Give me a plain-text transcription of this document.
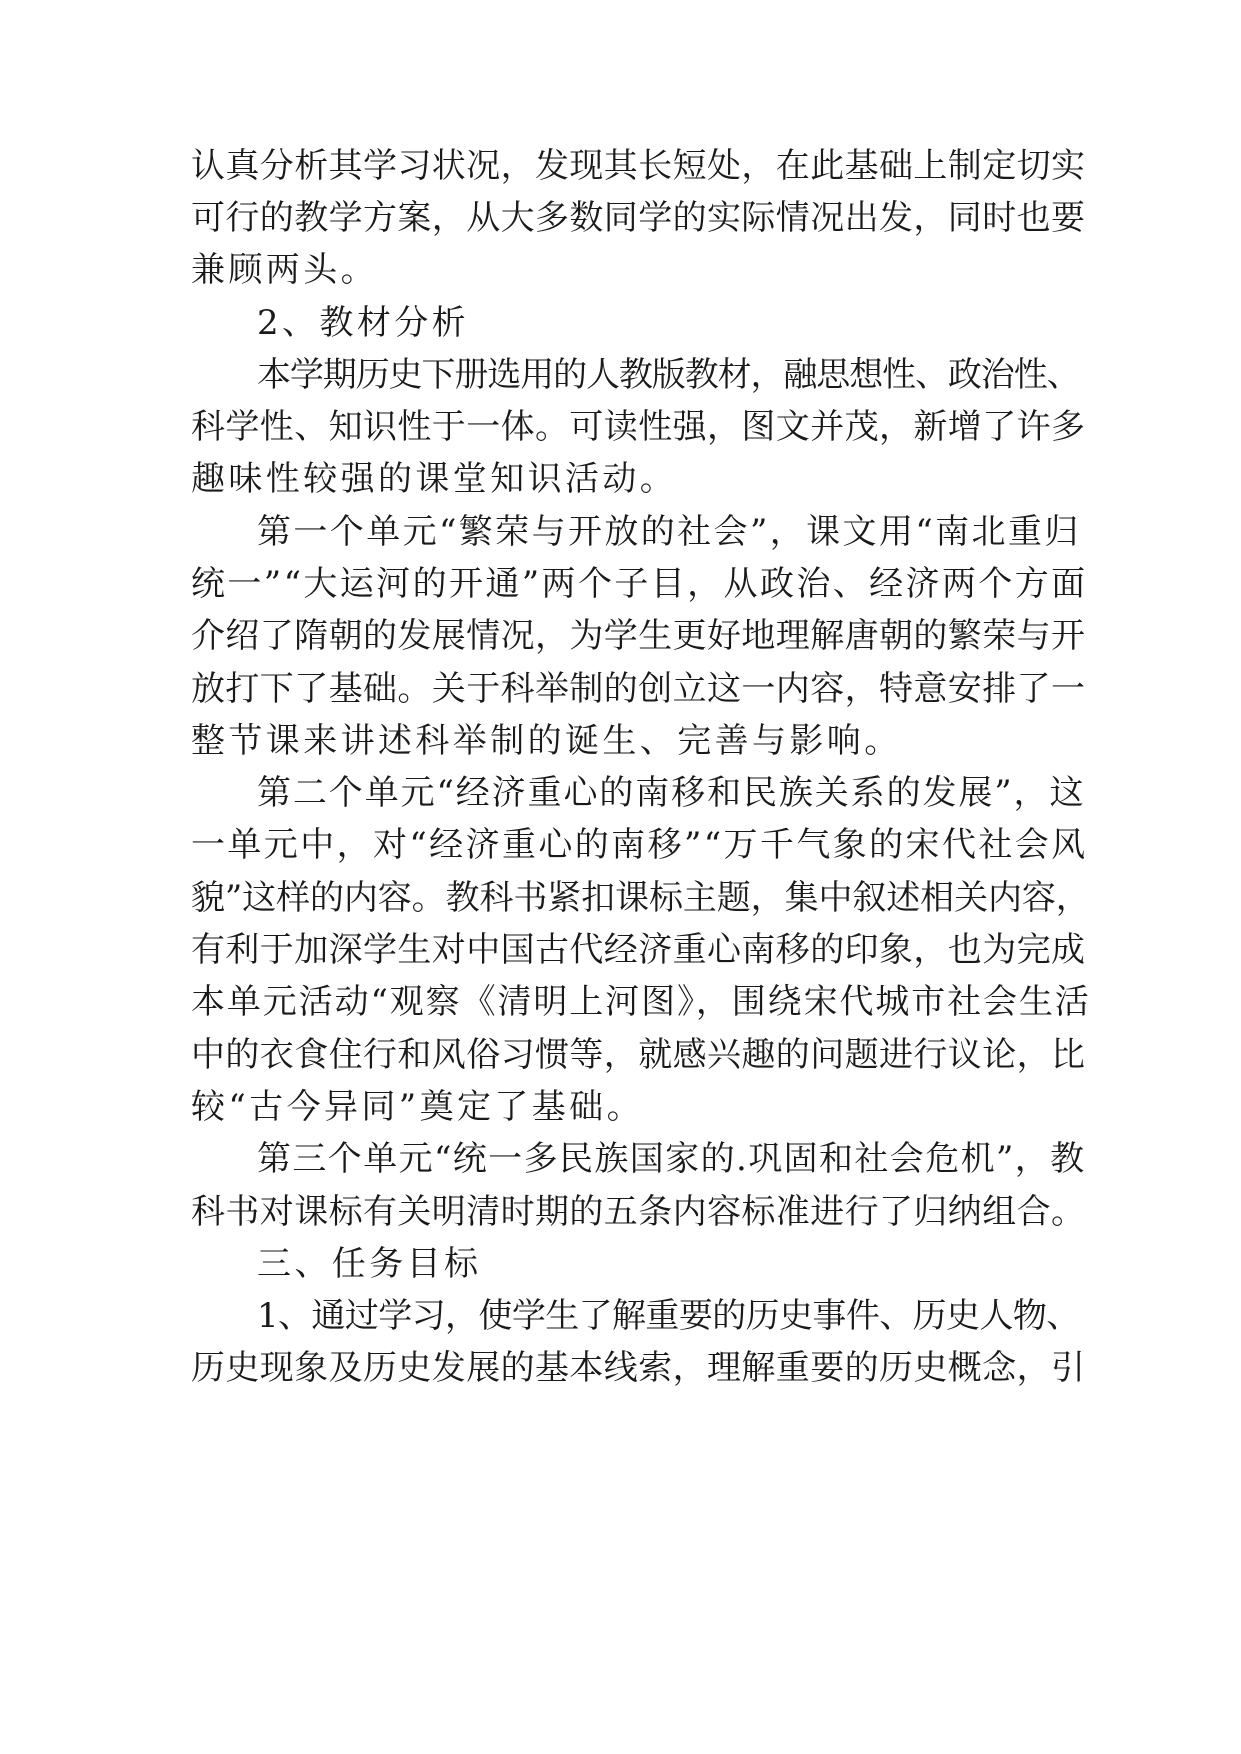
认真分析其学习状况，发现其长短处，在此基础上制定切实
可行的教学方案，从大多数同学的实际情况出发，同时也要
兼顾两头。
2、教材分析
本学期历史下册选用的人教版教材，融思想性、政治性、
科学性、知识性于一体。可读性强，图文并茂，新增了许多
趣味性较强的课堂知识活动。
第一个单元“繁荣与开放的社会”，课文用“南北重归
统一”“大运河的开通”两个子目，从政治、经济两个方面
介绍了隋朝的发展情况，为学生更好地理解唐朝的繁荣与开
放打下了基础。关于科举制的创立这一内容，特意安排了一
整节课来讲述科举制的诞生、完善与影响。
第二个单元“经济重心的南移和民族关系的发展”，这
一单元中，对“经济重心的南移”“万千气象的宋代社会风
貌”这样的内容。教科书紧扣课标主题，集中叙述相关内容，
有利于加深学生对中国古代经济重心南移的印象，也为完成
本单元活动“观察《清明上河图》，围绕宋代城市社会生活
中的衣食住行和风俗习惯等，就感兴趣的问题进行议论，比
较“古今异同”奠定了基础。
第三个单元“统一多民族国家的.巩固和社会危机”，教
科书对课标有关明清时期的五条内容标准进行了归纳组合。
三、任务目标
1、通过学习，使学生了解重要的历史事件、历史人物、
历史现象及历史发展的基本线索，理解重要的历史概念，引
